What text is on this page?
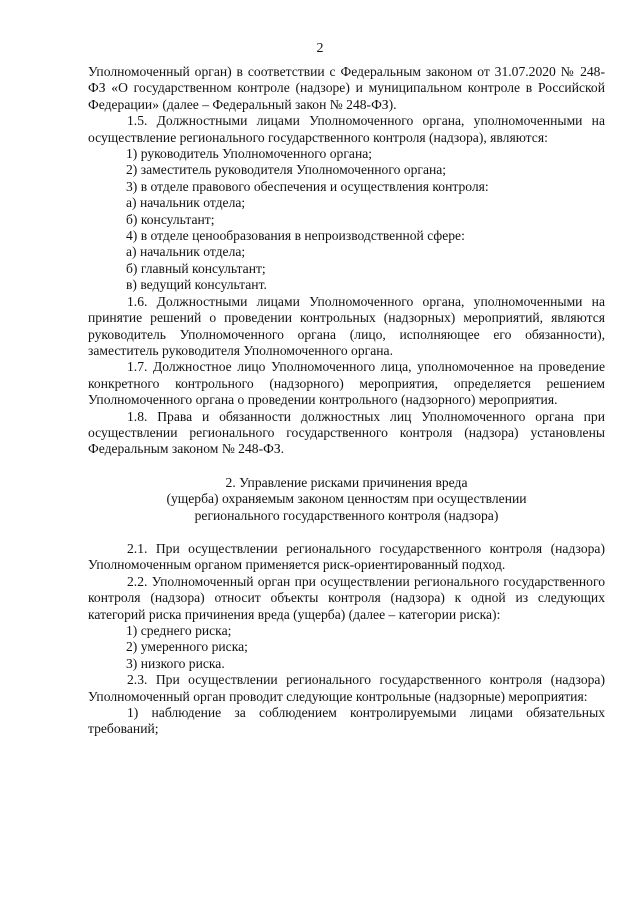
2

Уполномоченный орган) в соответствии с Федеральным законом от 31.07.2020 № 248-ФЗ «О государственном контроле (надзоре) и муниципальном контроле в Российской Федерации» (далее – Федеральный закон № 248-ФЗ).

1.5. Должностными лицами Уполномоченного органа, уполномоченными на осуществление регионального государственного контроля (надзора), являются:

1) руководитель Уполномоченного органа;

2) заместитель руководителя Уполномоченного органа;

3) в отделе правового обеспечения и осуществления контроля:

а) начальник отдела;

б) консультант;

4) в отделе ценообразования в непроизводственной сфере:

а) начальник отдела;

б) главный консультант;

в) ведущий консультант.

1.6. Должностными лицами Уполномоченного органа, уполномоченными на принятие решений о проведении контрольных (надзорных) мероприятий, являются руководитель Уполномоченного органа (лицо, исполняющее его обязанности), заместитель руководителя Уполномоченного органа.

1.7. Должностное лицо Уполномоченного лица, уполномоченное на проведение конкретного контрольного (надзорного) мероприятия, определяется решением Уполномоченного органа о проведении контрольного (надзорного) мероприятия.

1.8. Права и обязанности должностных лиц Уполномоченного органа при осуществлении регионального государственного контроля (надзора) установлены Федеральным законом № 248-ФЗ.

2. Управление рисками причинения вреда

(ущерба) охраняемым законом ценностям при осуществлении

регионального государственного контроля (надзора)

2.1. При осуществлении регионального государственного контроля (надзора) Уполномоченным органом применяется риск-ориентированный подход.

2.2. Уполномоченный орган при осуществлении регионального государственного контроля (надзора) относит объекты контроля (надзора) к одной из следующих категорий риска причинения вреда (ущерба) (далее – категории риска):

1) среднего риска;

2) умеренного риска;

3) низкого риска.

2.3. При осуществлении регионального государственного контроля (надзора) Уполномоченный орган проводит следующие контрольные (надзорные) мероприятия:

1) наблюдение за соблюдением контролируемыми лицами обязательных требований;
